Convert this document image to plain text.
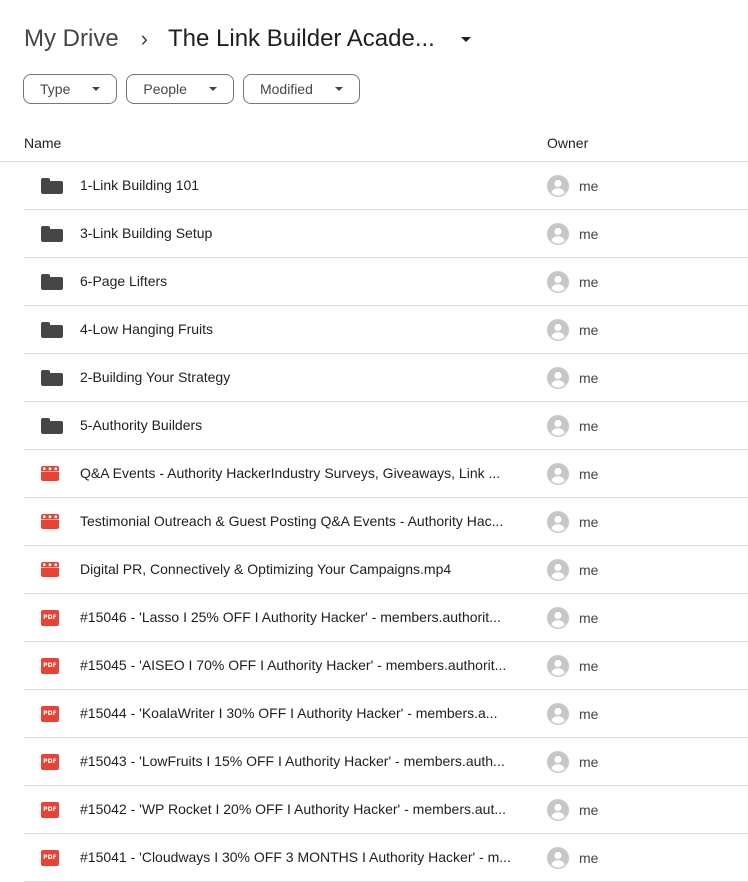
My Drive › The Link Builder Acade...
Type	People	Modified
Name	Owner
1-Link Building 101	me
3-Link Building Setup	me
6-Page Lifters	me
4-Low Hanging Fruits	me
2-Building Your Strategy	me
5-Authority Builders	me
Q&A Events - Authority HackerIndustry Surveys, Giveaways, Link ...	me
Testimonial Outreach & Guest Posting Q&A Events - Authority Hac...	me
Digital PR, Connectively & Optimizing Your Campaigns.mp4	me
PDF #15046 - 'Lasso I 25% OFF I Authority Hacker' - members.authorit...	me
PDF #15045 - 'AISEO I 70% OFF I Authority Hacker' - members.authorit...	me
PDF #15044 - 'KoalaWriter I 30% OFF I Authority Hacker' - members.a...	me
PDF #15043 - 'LowFruits I 15% OFF I Authority Hacker' - members.auth...	me
PDF #15042 - 'WP Rocket I 20% OFF I Authority Hacker' - members.aut...	me
PDF #15041 - 'Cloudways I 30% OFF 3 MONTHS I Authority Hacker' - m...	me
